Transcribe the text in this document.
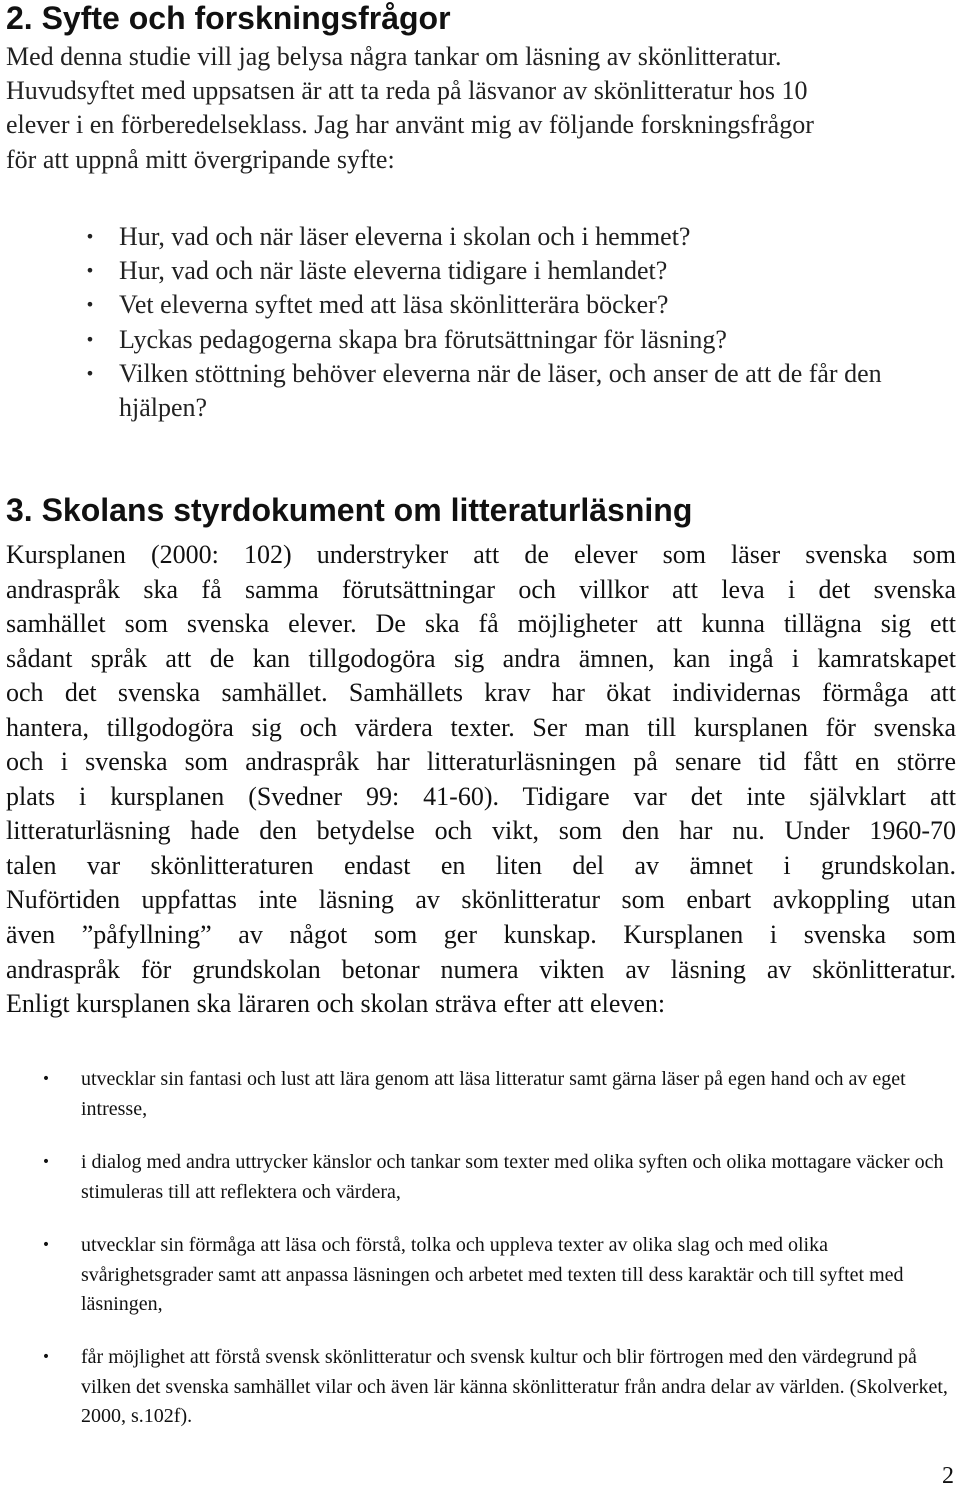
2. Syfte och forskningsfrågor
Med denna studie vill jag belysa några tankar om läsning av skönlitteratur.
Huvudsyftet med uppsatsen är att ta reda på läsvanor av skönlitteratur hos 10
elever i en förberedelseklass. Jag har använt mig av följande forskningsfrågor
för att uppnå mitt övergripande syfte:
• Hur, vad och när läser eleverna i skolan och i hemmet?
• Hur, vad och när läste eleverna tidigare i hemlandet?
• Vet eleverna syftet med att läsa skönlitterära böcker?
• Lyckas pedagogerna skapa bra förutsättningar för läsning?
• Vilken stöttning behöver eleverna när de läser, och anser de att de får den hjälpen?
3. Skolans styrdokument om litteraturläsning
Kursplanen (2000: 102) understryker att de elever som läser svenska som
andraspråk ska få samma förutsättningar och villkor att leva i det svenska
samhället som svenska elever. De ska få möjligheter att kunna tillägna sig ett
sådant språk att de kan tillgodogöra sig andra ämnen, kan ingå i kamratskapet
och det svenska samhället. Samhällets krav har ökat individernas förmåga att
hantera, tillgodogöra sig och värdera texter. Ser man till kursplanen för svenska
och i svenska som andraspråk har litteraturläsningen på senare tid fått en större
plats i kursplanen (Svedner 99: 41-60). Tidigare var det inte självklart att
litteraturläsning hade den betydelse och vikt, som den har nu. Under 1960-70
talen var skönlitteraturen endast en liten del av ämnet i grundskolan.
Nuförtiden uppfattas inte läsning av skönlitteratur som enbart avkoppling utan
även ”påfyllning” av något som ger kunskap. Kursplanen i svenska som
andraspråk för grundskolan betonar numera vikten av läsning av skönlitteratur.
Enligt kursplanen ska läraren och skolan sträva efter att eleven:
• utvecklar sin fantasi och lust att lära genom att läsa litteratur samt gärna läser på egen hand och av eget intresse,
• i dialog med andra uttrycker känslor och tankar som texter med olika syften och olika mottagare väcker och stimuleras till att reflektera och värdera,
• utvecklar sin förmåga att läsa och förstå, tolka och uppleva texter av olika slag och med olika svårighetsgrader samt att anpassa läsningen och arbetet med texten till dess karaktär och till syftet med läsningen,
• får möjlighet att förstå svensk skönlitteratur och svensk kultur och blir förtrogen med den värdegrund på vilken det svenska samhället vilar och även lär känna skönlitteratur från andra delar av världen. (Skolverket, 2000, s.102f).
2
